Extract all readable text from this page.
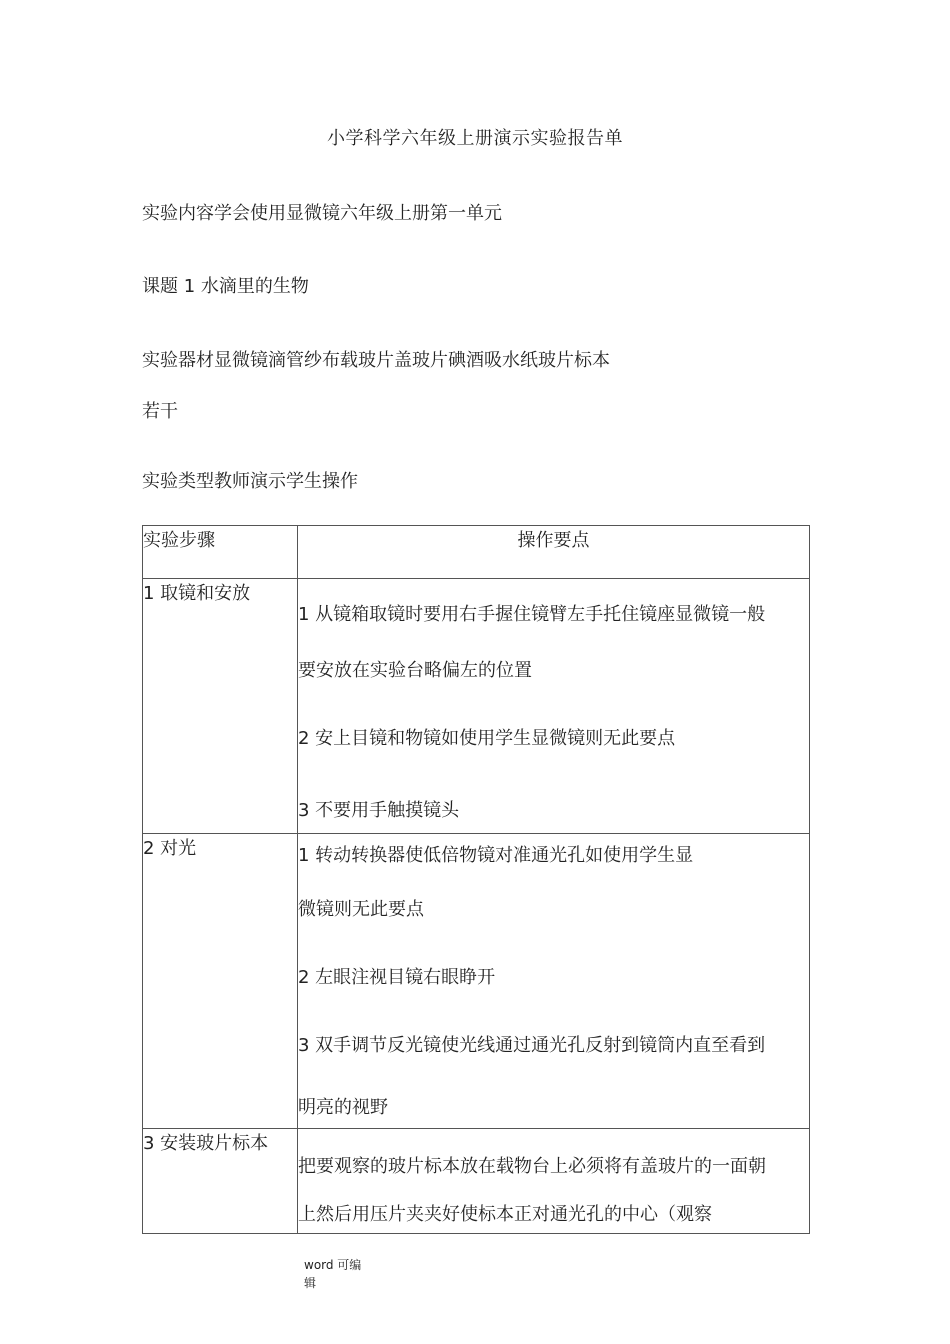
小学科学六年级上册演示实验报告单
实验内容学会使用显微镜六年级上册第一单元
课题 1 水滴里的生物
实验器材显微镜滴管纱布载玻片盖玻片碘酒吸水纸玻片标本
若干
实验类型教师演示学生操作
实验步骤	操作要点
1 取镜和安放	1 从镜箱取镜时要用右手握住镜臂左手托住镜座显微镜一般
要安放在实验台略偏左的位置
2 安上目镜和物镜如使用学生显微镜则无此要点
3 不要用手触摸镜头

2 对光	1 转动转换器使低倍物镜对准通光孔如使用学生显
微镜则无此要点
2 左眼注视目镜右眼睁开
3 双手调节反光镜使光线通过通光孔反射到镜筒内直至看到
明亮的视野

3 安装玻片标本	把要观察的玻片标本放在载物台上必须将有盖玻片的一面朝
上然后用压片夹夹好使标本正对通光孔的中心（观察
word 可编
辑
